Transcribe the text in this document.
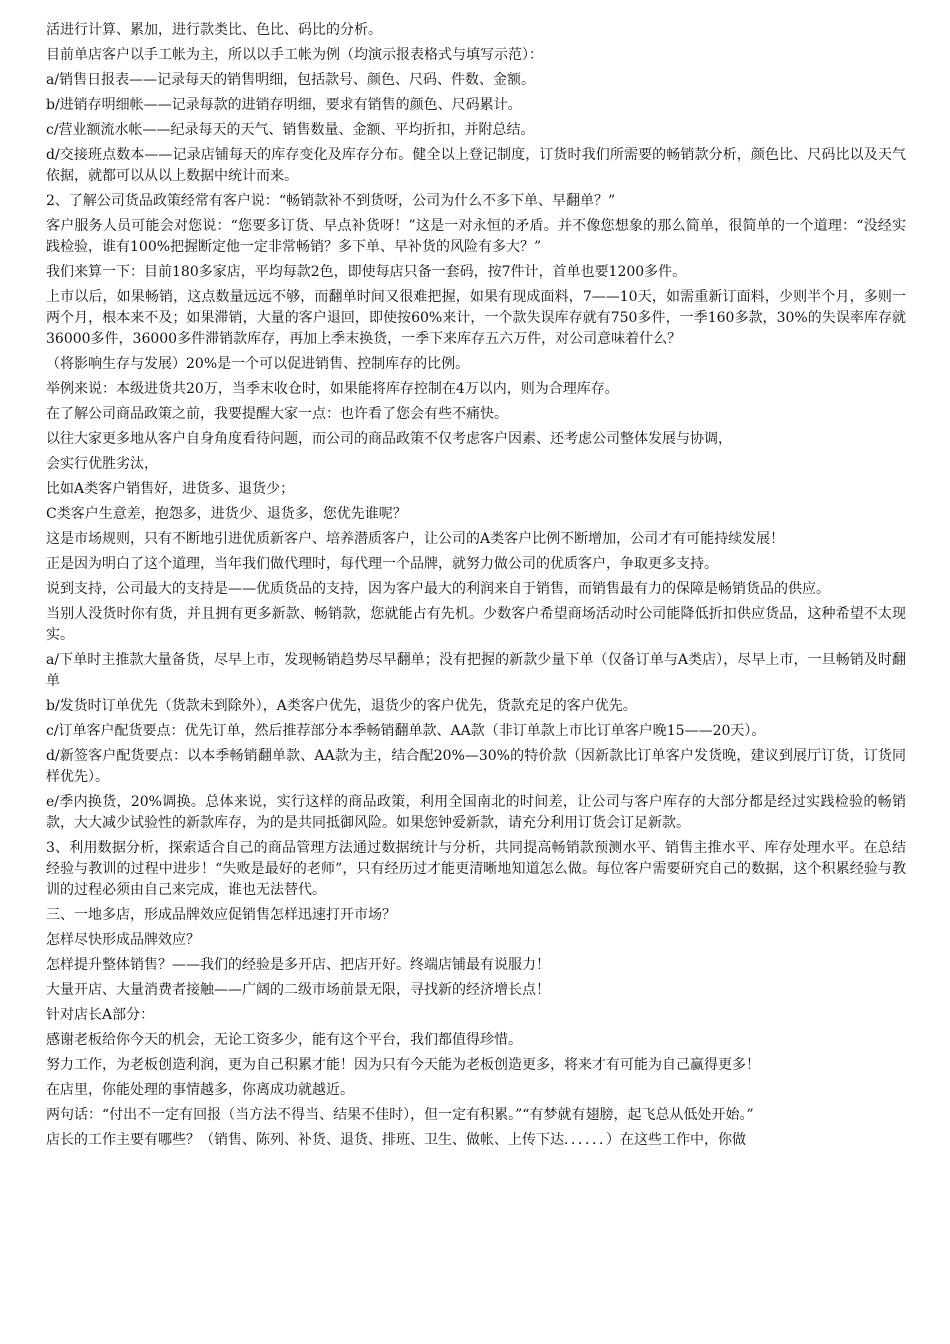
活进行计算、累加，进行款类比、色比、码比的分析。

目前单店客户以手工帐为主，所以以手工帐为例（均演示报表格式与填写示范）：

a/销售日报表——记录每天的销售明细，包括款号、颜色、尺码、件数、金额。

b/进销存明细帐——记录每款的进销存明细，要求有销售的颜色、尺码累计。

c/营业额流水帐——纪录每天的天气、销售数量、金额、平均折扣，并附总结。

d/交接班点数本——记录店铺每天的库存变化及库存分布。健全以上登记制度，订货时我们所需要的畅销款分析，颜色比、尺码比以及天气依据，就都可以从以上数据中统计而来。

2、了解公司货品政策经常有客户说：“畅销款补不到货呀，公司为什么不多下单、早翻单？”

客户服务人员可能会对您说：“您要多订货、早点补货呀！”这是一对永恒的矛盾。并不像您想象的那么简单，很简单的一个道理：“没经实践检验，谁有100%把握断定他一定非常畅销？多下单、早补货的风险有多大？”

我们来算一下：目前180多家店，平均每款2色，即使每店只备一套码，按7件计，首单也要1200多件。

上市以后，如果畅销，这点数量远远不够，而翻单时间又很难把握，如果有现成面料，7——10天，如需重新订面料，少则半个月，多则一两个月，根本来不及；如果滞销，大量的客户退回，即使按60%来计，一个款失误库存就有750多件，一季160多款，30%的失误率库存就36000多件，36000多件滞销款库存，再加上季末换货，一季下来库存五六万件，对公司意味着什么？

（将影响生存与发展）20%是一个可以促进销售、控制库存的比例。

举例来说：本级进货共20万，当季末收仓时，如果能将库存控制在4万以内，则为合理库存。

在了解公司商品政策之前，我要提醒大家一点：也许看了您会有些不痛快。

以往大家更多地从客户自身角度看待问题，而公司的商品政策不仅考虑客户因素、还考虑公司整体发展与协调，

会实行优胜劣汰，

比如A类客户销售好，进货多、退货少；

C类客户生意差，抱怨多，进货少、退货多，您优先谁呢？

这是市场规则，只有不断地引进优质新客户、培养潜质客户，让公司的A类客户比例不断增加，公司才有可能持续发展！

正是因为明白了这个道理，当年我们做代理时，每代理一个品牌，就努力做公司的优质客户，争取更多支持。

说到支持，公司最大的支持是——优质货品的支持，因为客户最大的利润来自于销售，而销售最有力的保障是畅销货品的供应。

当别人没货时你有货，并且拥有更多新款、畅销款，您就能占有先机。少数客户希望商场活动时公司能降低折扣供应货品，这种希望不太现实。

a/下单时主推款大量备货，尽早上市，发现畅销趋势尽早翻单；没有把握的新款少量下单（仅备订单与A类店），尽早上市，一旦畅销及时翻单

b/发货时订单优先（货款未到除外），A类客户优先，退货少的客户优先，货款充足的客户优先。

c/订单客户配货要点：优先订单，然后推荐部分本季畅销翻单款、AA款（非订单款上市比订单客户晚15——20天）。

d/新签客户配货要点：以本季畅销翻单款、AA款为主，结合配20%—30%的特价款（因新款比订单客户发货晚，建议到展厅订货，订货同样优先）。

e/季内换货，20%调换。总体来说，实行这样的商品政策，利用全国南北的时间差，让公司与客户库存的大部分都是经过实践检验的畅销款，大大减少试验性的新款库存，为的是共同抵御风险。如果您钟爱新款，请充分利用订货会订足新款。

3、利用数据分析，探索适合自己的商品管理方法通过数据统计与分析，共同提高畅销款预测水平、销售主推水平、库存处理水平。在总结经验与教训的过程中进步！“失败是最好的老师”，只有经历过才能更清晰地知道怎么做。每位客户需要研究自己的数据，这个积累经验与教训的过程必须由自己来完成，谁也无法替代。

三、一地多店，形成品牌效应促销售怎样迅速打开市场？

怎样尽快形成品牌效应？

怎样提升整体销售？——我们的经验是多开店、把店开好。终端店铺最有说服力！

大量开店、大量消费者接触——广阔的二级市场前景无限，寻找新的经济增长点！

针对店长A部分：

感谢老板给你今天的机会，无论工资多少，能有这个平台，我们都值得珍惜。

努力工作，为老板创造利润，更为自己积累才能！因为只有今天能为老板创造更多，将来才有可能为自己赢得更多！

在店里，你能处理的事情越多，你离成功就越近。

两句话：“付出不一定有回报（当方法不得当、结果不佳时），但一定有积累。”“有梦就有翅膀，起飞总从低处开始。”

店长的工作主要有哪些？（销售、陈列、补货、退货、排班、卫生、做帐、上传下达．．．．．．）在这些工作中，你做
